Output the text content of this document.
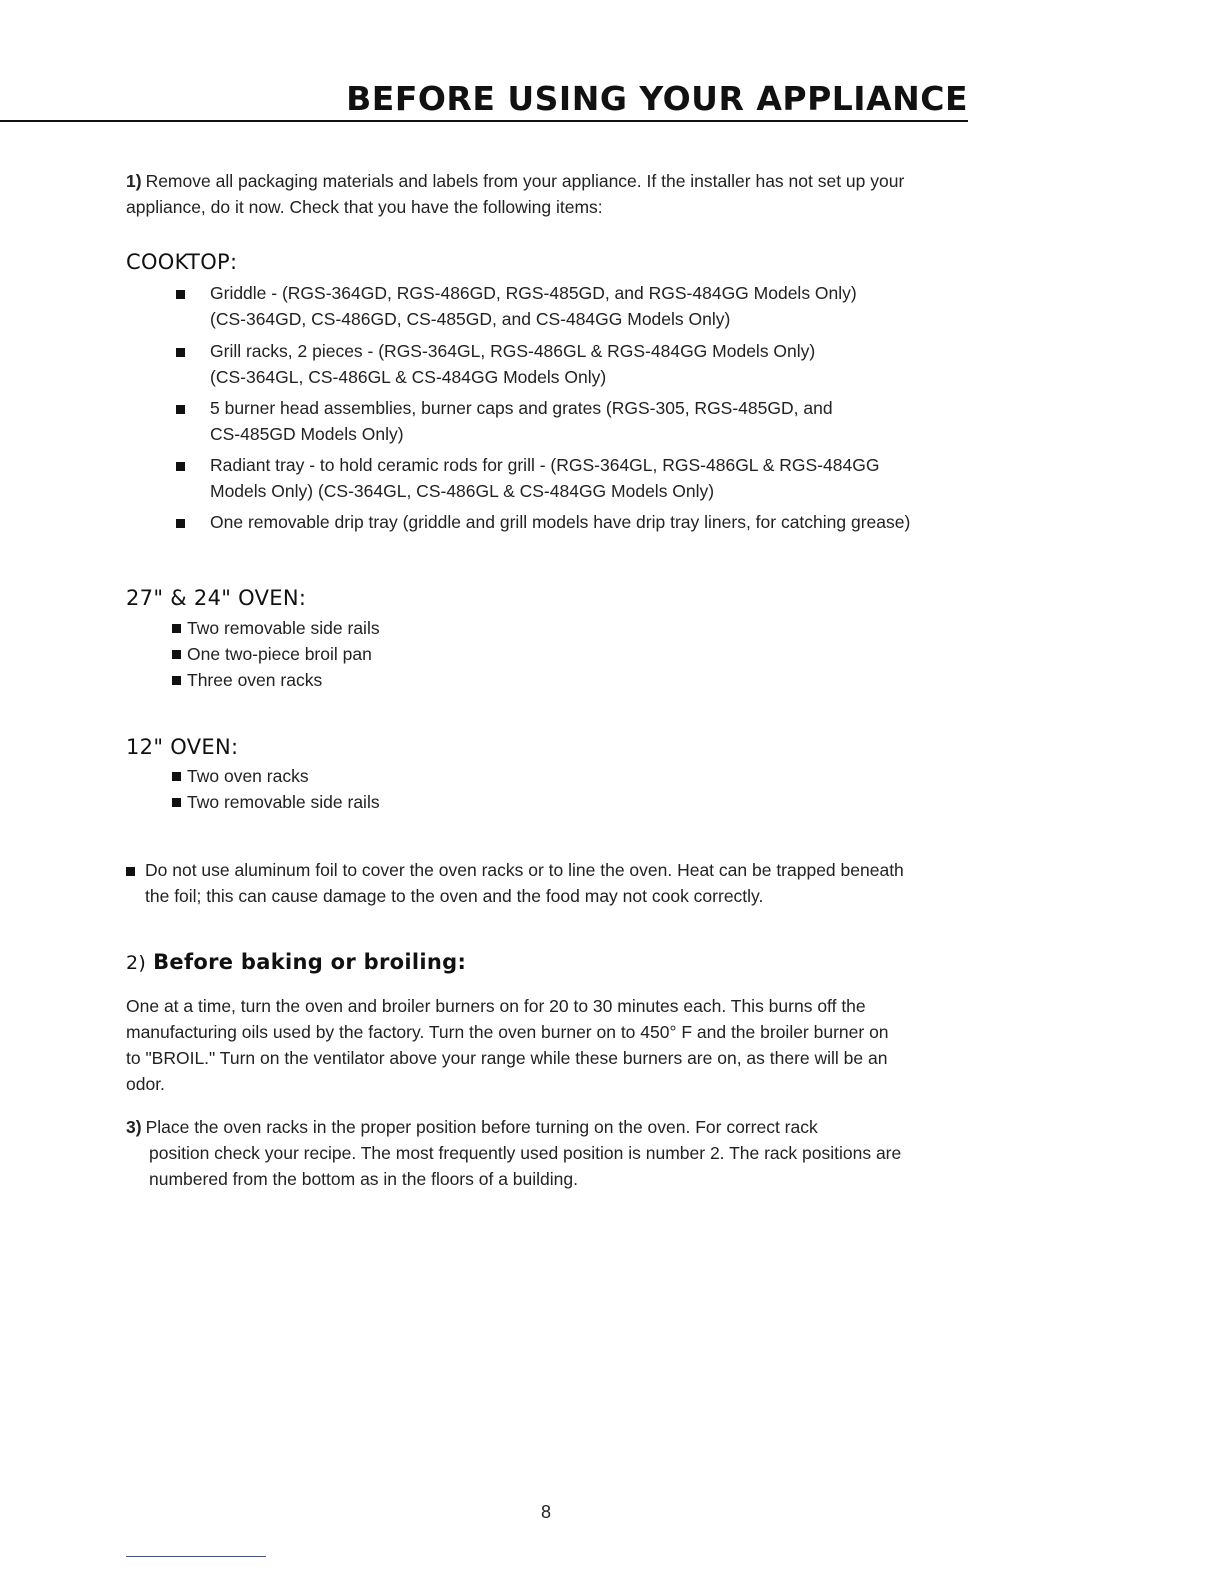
BEFORE USING YOUR APPLIANCE
1) Remove all packaging materials and labels from your appliance. If the installer has not set up your appliance, do it now. Check that you have the following items:
COOKTOP:
Griddle - (RGS-364GD, RGS-486GD, RGS-485GD, and RGS-484GG Models Only)
(CS-364GD, CS-486GD, CS-485GD, and CS-484GG Models Only)
Grill racks, 2 pieces - (RGS-364GL, RGS-486GL & RGS-484GG Models Only)
(CS-364GL, CS-486GL & CS-484GG Models Only)
5 burner head assemblies, burner caps and grates (RGS-305, RGS-485GD, and
CS-485GD Models Only)
Radiant tray - to hold ceramic rods for grill - (RGS-364GL, RGS-486GL & RGS-484GG
Models Only) (CS-364GL, CS-486GL & CS-484GG Models Only)
One removable drip tray (griddle and grill models have drip tray liners, for catching grease)
27" & 24" OVEN:
Two removable side rails
One two-piece broil pan
Three oven racks
12" OVEN:
Two oven racks
Two removable side rails
Do not use aluminum foil to cover the oven racks or to line the oven. Heat can be trapped beneath
the foil; this can cause damage to the oven and the food may not cook correctly.
2) Before baking or broiling:
One at a time, turn the oven and broiler burners on for 20 to 30 minutes each. This burns off the
manufacturing oils used by the factory. Turn the oven burner on to 450° F and the broiler burner on
to "BROIL." Turn on the ventilator above your range while these burners are on, as there will be an
odor.
3) Place the oven racks in the proper position before turning on the oven. For correct rack
position check your recipe. The most frequently used position is number 2. The rack positions are
numbered from the bottom as in the floors of a building.
8
